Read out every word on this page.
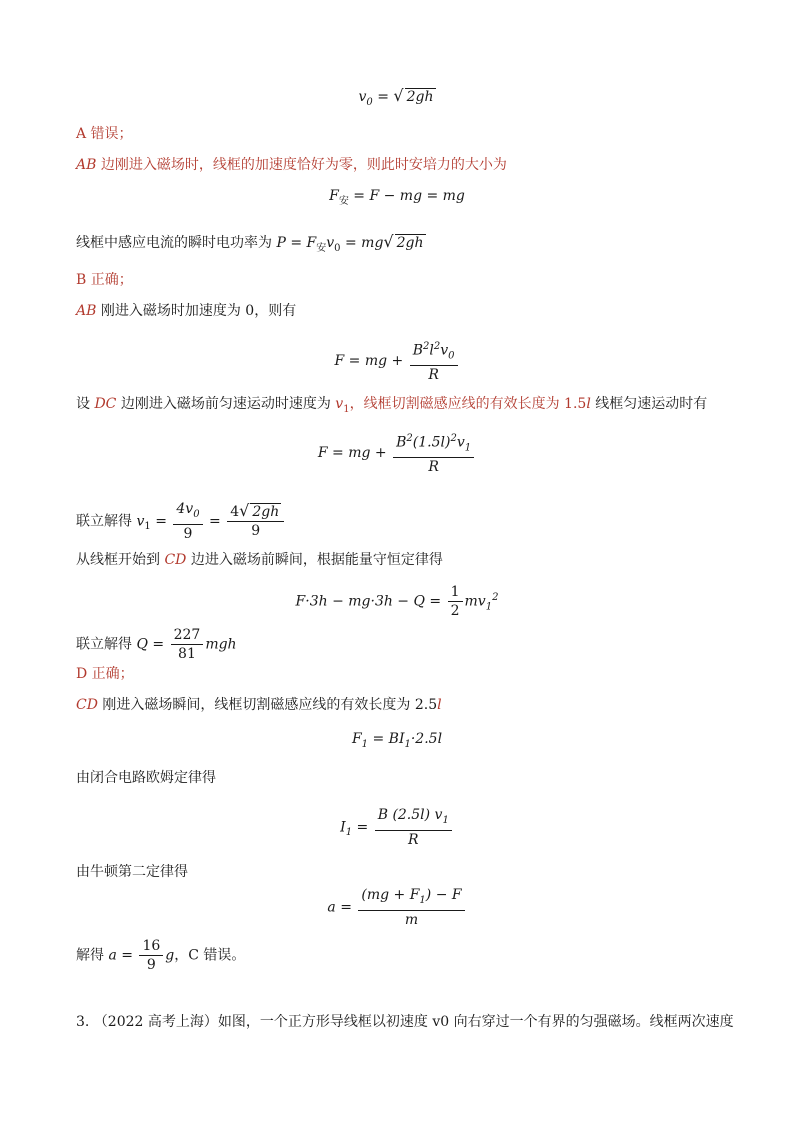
$v_0$ = √ 2gh
A 错误；
AB 边刚进入磁场时，线框的加速度恰好为零，则此时安培力的大小为
$F_安 = F$ − mg = mg
线框中感应电流的瞬时电功率为 $P = F_安v_0 = mg√$ 2gh
B 正确；
AB 刚进入磁场时加速度为 0，则有
F = mg + $\frac{B^2l^2v_0}{R}$
设 DC 边刚进入磁场前匀速运动时速度为 $v_1$，线框切割磁感应线的有效长度为 1.5l 线框匀速运动时有
F = mg + $\frac{B^2(1.5l)^2v_1}{R}$
联立解得 $v_1 = \frac{4v_0}{9} = \frac{4√ 2gh}{9}$
从线框开始到 CD 边进入磁场前瞬间，根据能量守恒定律得
$F\cdot 3h - mg\cdot 3h - Q = \frac{1}{2} mv_1^2$
联立解得 $Q = \frac{227}{81}$ mgh
D 正确；
CD 刚进入磁场瞬间，线框切割磁感应线的有效长度为 2.5l
$F_1 = BI_1\cdot 2.5l$
由闭合电路欧姆定律得
$I_1 = \frac{B (2.5l) v_1}{R}$
由牛顿第二定律得
$a = \frac{(mg + F_1) - F}{m}$
解得 $a = \frac{16}{9}$ g，C 错误。
3. （2022 高考上海）如图，一个正方形导线框以初速度 v0 向右穿过一个有界的匀强磁场。线框两次速度
